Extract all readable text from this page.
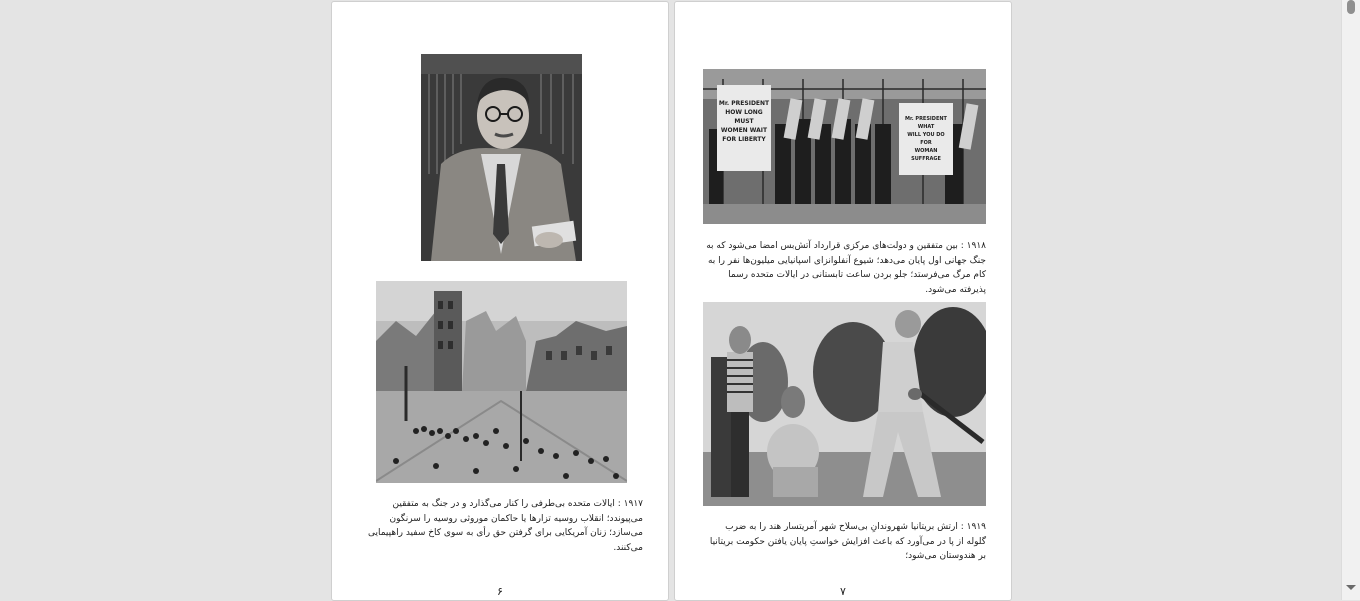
۱۹۱۷ : ایالات متحده بی‌طرفی را کنار می‌گذارد و در جنگ به متفقین می‌پیوندد؛ انقلاب روسیه تزارها یا حاکمان موروثی روسیه را سرنگون می‌سازد؛ زنان آمریکایی برای گرفتن حق رأی به سوی کاخ سفید راهپیمایی می‌کنند.

۶
Mr. PRESIDENT
HOW LONG
MUST
WOMEN WAIT
FOR LIBERTY
Mr. PRESIDENT
WHAT
WILL YOU DO
FOR
WOMAN SUFFRAGE

۱۹۱۸ : بین متفقین و دولت‌های مرکزی قرارداد آتش‌بس امضا می‌شود که به جنگ جهانی اول پایان می‌دهد؛ شیوع آنفلوانزای اسپانیایی میلیون‌ها نفر را به کام مرگ می‌فرستد؛ جلو بردن ساعت تابستانی در ایالات متحده رسما پذیرفته می‌شود.

۱۹۱۹ : ارتش بریتانیا شهروندانِ بی‌سلاح شهر آمریتسار هند را به ضرب گلوله از پا در می‌آورد که باعث افزایش خواستِ پایان یافتن حکومت بریتانیا بر هندوستان می‌شود؛

۷
